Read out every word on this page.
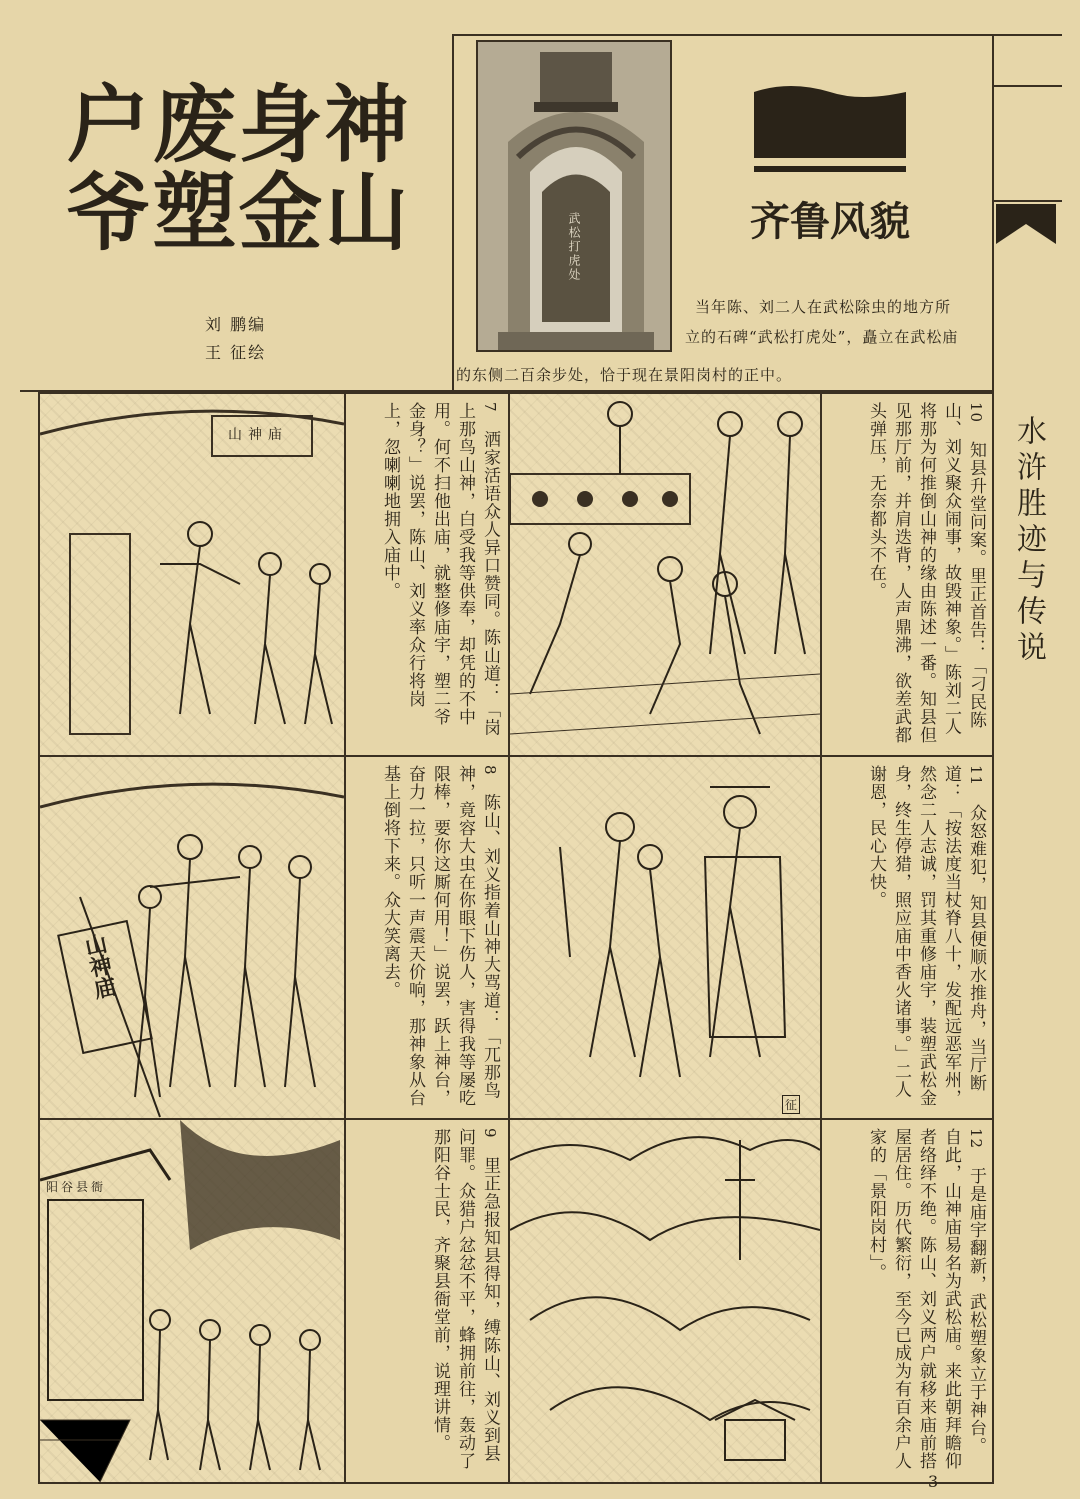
神山
身金
废塑
户爷
刘 鹏编
王 征绘
武松打虎处	齐鲁风貌
当年陈、刘二人在武松除虫的地方所
立的石碑“武松打虎处”，矗立在武松庙
的东侧二百余步处，恰于现在景阳岗村的正中。
水浒胜迹与传说
山神庙
7　洒家活语众人异口赞同。陈山道：「岗上那鸟山神，白受我等供奉，却凭的不中用。何不扫他出庙，就整修庙宇，塑二爷金身？」说罢，陈山、刘义率众行将岗上，忽喇喇地拥入庙中。	10　知县升堂问案。里正首告：「刁民陈山、刘义聚众闹事，故毁神象。」陈刘二人将那为何推倒山神的缘由陈述一番。知县但见那厅前，并肩迭背，人声鼎沸，欲差武都头弹压，无奈都头不在。
山神庙
8　陈山、刘义指着山神大骂道：「兀那鸟神，竟容大虫在你眼下伤人，害得我等屡吃限棒，要你这厮何用！」说罢，跃上神台，奋力一拉，只听一声震天价响，那神象从台基上倒将下来。众大笑离去。
征
11　众怒难犯，知县便顺水推舟，当厅断道：「按法度当杖脊八十，发配远恶军州，然念二人志诚，罚其重修庙宇，装塑武松金身，终生停猎，照应庙中香火诸事。」二人谢恩，民心大快。
阳谷县衙
9　里正急报知县得知，缚陈山、刘义到县问罪。众猎户忿忿不平，蜂拥前往，轰动了那阳谷士民，齐聚县衙堂前，说理讲情。	12　于是庙宇翻新，武松塑象立于神台。自此，山神庙易名为武松庙。来此朝拜瞻仰者络绎不绝。陈山、刘义两户就移来庙前搭屋居住。历代繁衍，至今已成为有百余户人家的「景阳岗村」。
3
